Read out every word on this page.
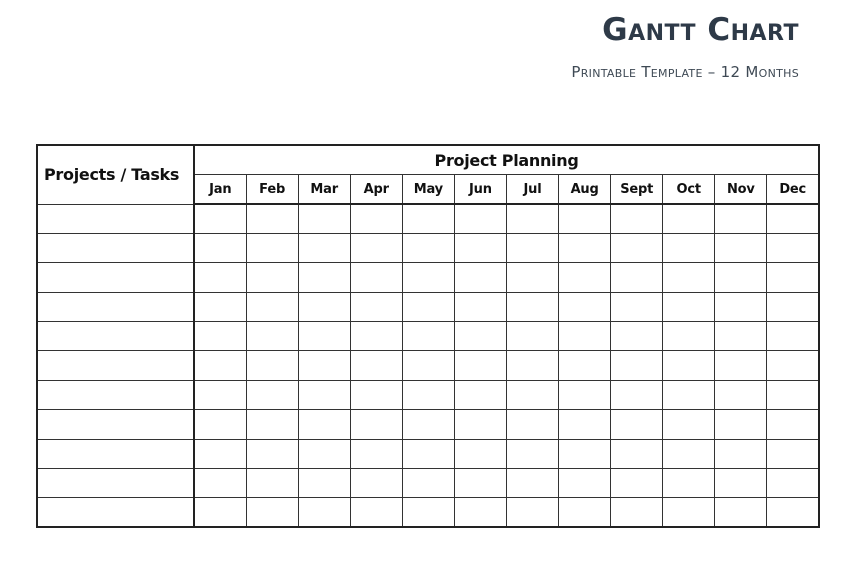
Gantt Chart
Printable Template – 12 Months
Projects / Tasks	Project Planning											
	Jan	Feb	Mar	Apr	May	Jun	Jul	Aug	Sept	Oct	Nov	Dec
